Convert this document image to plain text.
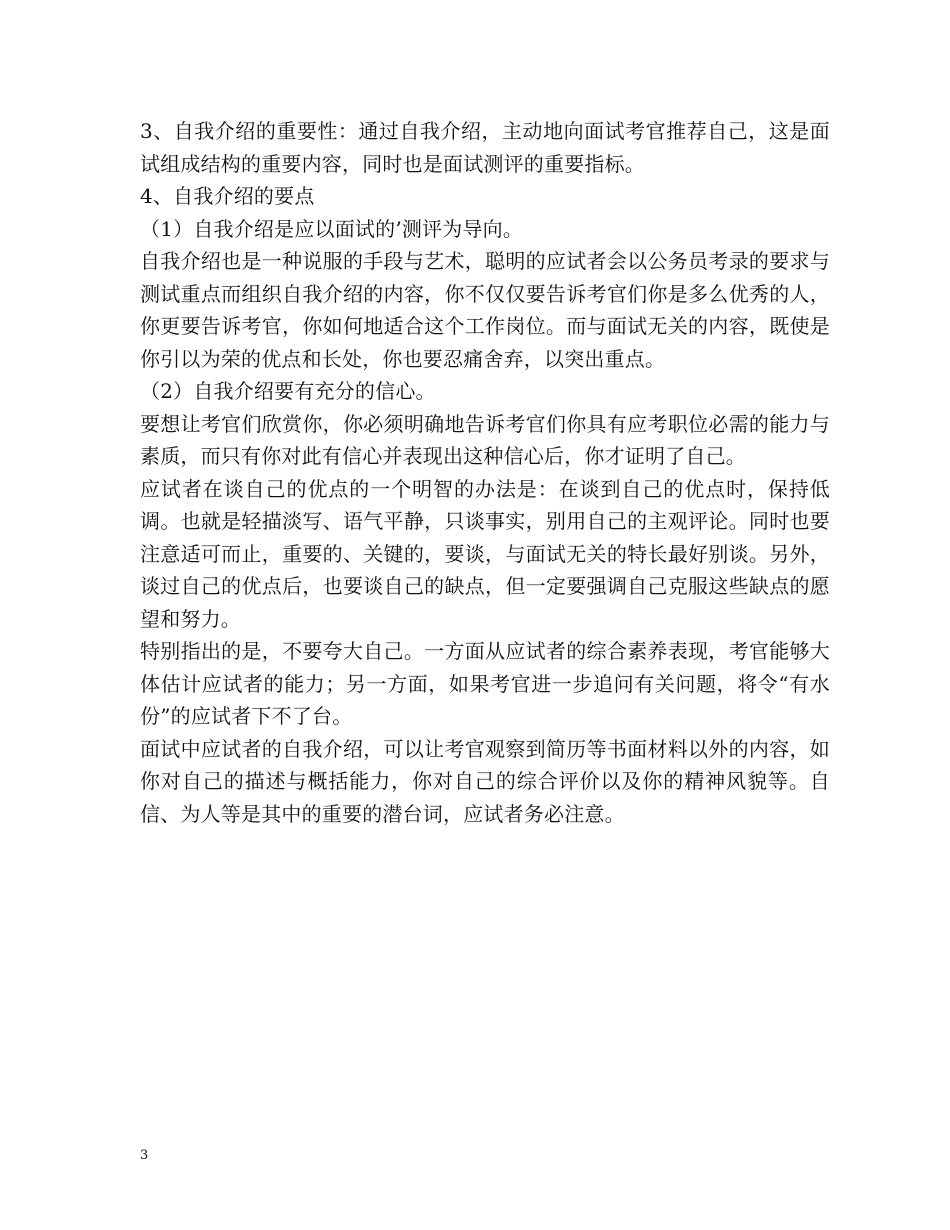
3、自我介绍的重要性：通过自我介绍，主动地向面试考官推荐自己，这是面试组成结构的重要内容，同时也是面试测评的重要指标。

4、自我介绍的要点

（1）自我介绍是应以面试的’测评为导向。

自我介绍也是一种说服的手段与艺术，聪明的应试者会以公务员考录的要求与测试重点而组织自我介绍的内容，你不仅仅要告诉考官们你是多么优秀的人，你更要告诉考官，你如何地适合这个工作岗位。而与面试无关的内容，既使是你引以为荣的优点和长处，你也要忍痛舍弃，以突出重点。

（2）自我介绍要有充分的信心。

要想让考官们欣赏你，你必须明确地告诉考官们你具有应考职位必需的能力与素质，而只有你对此有信心并表现出这种信心后，你才证明了自己。

应试者在谈自己的优点的一个明智的办法是：在谈到自己的优点时，保持低调。也就是轻描淡写、语气平静，只谈事实，别用自己的主观评论。同时也要注意适可而止，重要的、关键的，要谈，与面试无关的特长最好别谈。另外，谈过自己的优点后，也要谈自己的缺点，但一定要强调自己克服这些缺点的愿望和努力。

特别指出的是，不要夸大自己。一方面从应试者的综合素养表现，考官能够大体估计应试者的能力；另一方面，如果考官进一步追问有关问题，将令“有水份”的应试者下不了台。

面试中应试者的自我介绍，可以让考官观察到简历等书面材料以外的内容，如你对自己的描述与概括能力，你对自己的综合评价以及你的精神风貌等。自信、为人等是其中的重要的潜台词，应试者务必注意。

3
